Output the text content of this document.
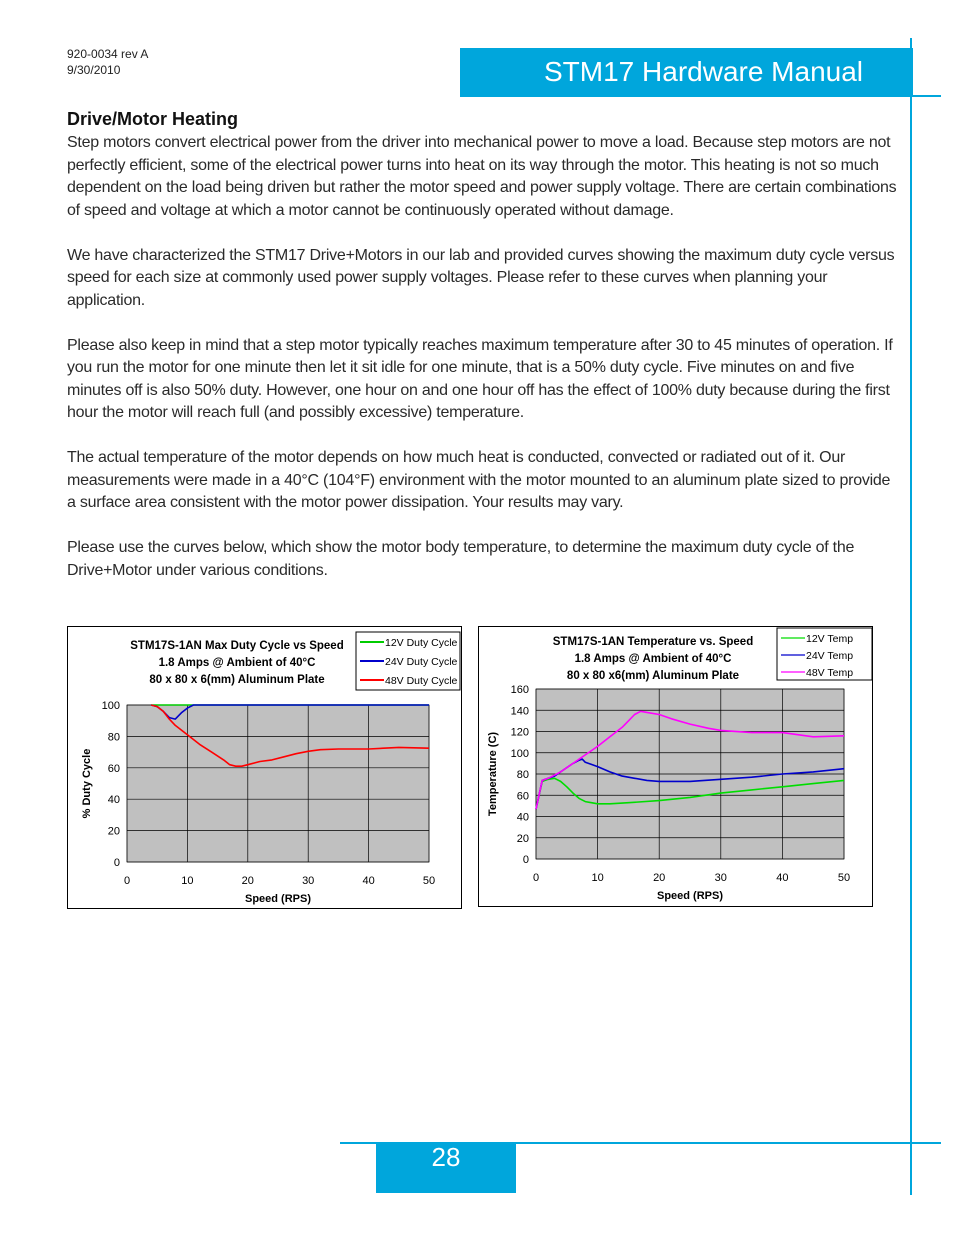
920-0034 rev A
9/30/2010	STM17 Hardware Manual
Drive/Motor Heating

Step motors convert electrical power from the driver into mechanical power to move a load. Because step motors are not perfectly efficient, some of the electrical power turns into heat on its way through the motor. This heating is not so much dependent on the load being driven but rather the motor speed and power supply voltage. There are certain combinations of speed and voltage at which a motor cannot be continuously operated without damage.

We have characterized the STM17 Drive+Motors in our lab and provided curves showing the maximum duty cycle versus speed for each size at commonly used power supply voltages. Please refer to these curves when planning your application.

Please also keep in mind that a step motor typically reaches maximum temperature after 30 to 45 minutes of operation. If you run the motor for one minute then let it sit idle for one minute, that is a 50% duty cycle. Five minutes on and five minutes off is also 50% duty. However, one hour on and one hour off has the effect of 100% duty because during the first hour the motor will reach full (and possibly excessive) temperature.

The actual temperature of the motor depends on how much heat is conducted, convected or radiated out of it. Our measurements were made in a 40°C (104°F) environment with the motor mounted to an aluminum plate sized to provide a surface area consistent with the motor power dissipation. Your results may vary.

Please use the curves below, which show the motor body temperature, to determine the maximum duty cycle of the Drive+Motor under various conditions.

0	10	20	30	40	50
0
20
40
60
80
100
Speed (RPS)
% Duty Cycle
STM17S-1AN Max Duty Cycle vs Speed
1.8 Amps @ Ambient of 40°C
80 x 80 x 6(mm) Aluminum Plate
12V Duty Cycle
24V Duty Cycle
48V Duty Cycle
0	10	20	30	40	50
0
20
40
60
80
100
120
140
160
Speed (RPS)
Temperature (C)
STM17S-1AN Temperature vs. Speed
1.8 Amps @ Ambient of 40°C
80 x 80 x6(mm) Aluminum Plate
12V Temp
24V Temp
48V Temp
28
